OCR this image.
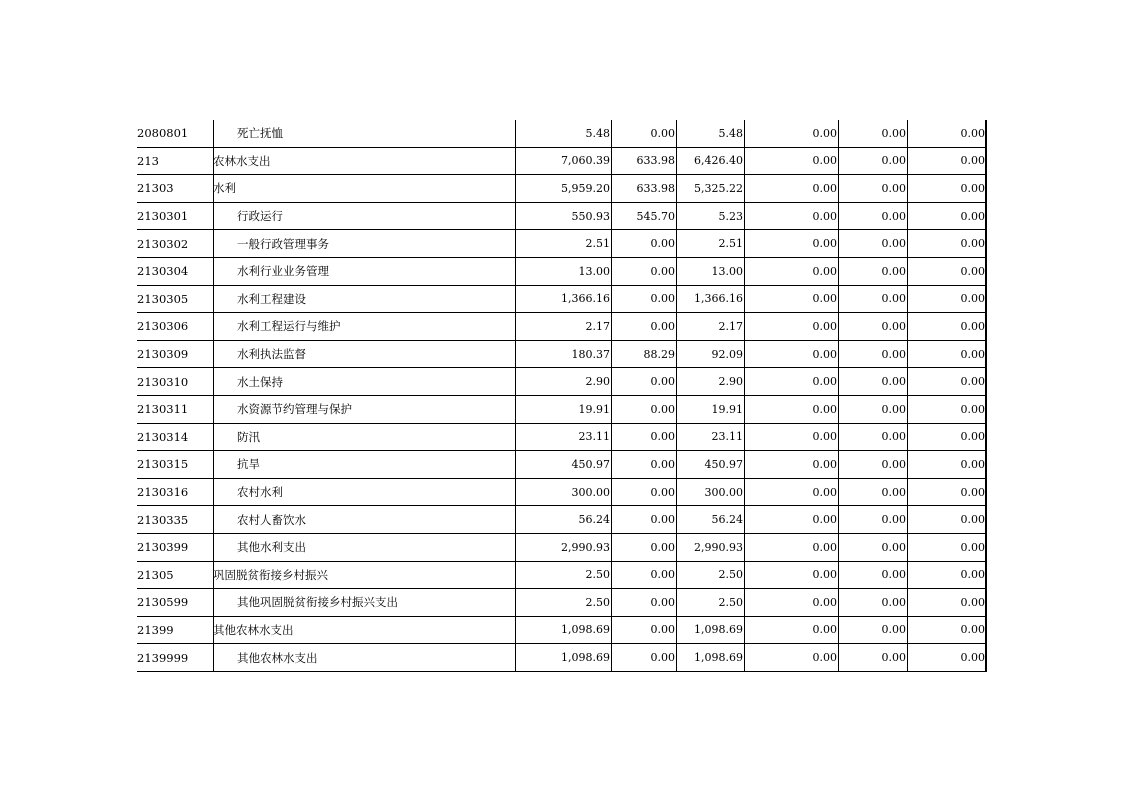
2080801	死亡抚恤	5.48	0.00	5.48	0.00	0.00	0.00
213	农林水支出	7,060.39	633.98	6,426.40	0.00	0.00	0.00
21303	水利	5,959.20	633.98	5,325.22	0.00	0.00	0.00
2130301	行政运行	550.93	545.70	5.23	0.00	0.00	0.00
2130302	一般行政管理事务	2.51	0.00	2.51	0.00	0.00	0.00
2130304	水利行业业务管理	13.00	0.00	13.00	0.00	0.00	0.00
2130305	水利工程建设	1,366.16	0.00	1,366.16	0.00	0.00	0.00
2130306	水利工程运行与维护	2.17	0.00	2.17	0.00	0.00	0.00
2130309	水利执法监督	180.37	88.29	92.09	0.00	0.00	0.00
2130310	水土保持	2.90	0.00	2.90	0.00	0.00	0.00
2130311	水资源节约管理与保护	19.91	0.00	19.91	0.00	0.00	0.00
2130314	防汛	23.11	0.00	23.11	0.00	0.00	0.00
2130315	抗旱	450.97	0.00	450.97	0.00	0.00	0.00
2130316	农村水利	300.00	0.00	300.00	0.00	0.00	0.00
2130335	农村人畜饮水	56.24	0.00	56.24	0.00	0.00	0.00
2130399	其他水利支出	2,990.93	0.00	2,990.93	0.00	0.00	0.00
21305	巩固脱贫衔接乡村振兴	2.50	0.00	2.50	0.00	0.00	0.00
2130599	其他巩固脱贫衔接乡村振兴支出	2.50	0.00	2.50	0.00	0.00	0.00
21399	其他农林水支出	1,098.69	0.00	1,098.69	0.00	0.00	0.00
2139999	其他农林水支出	1,098.69	0.00	1,098.69	0.00	0.00	0.00
